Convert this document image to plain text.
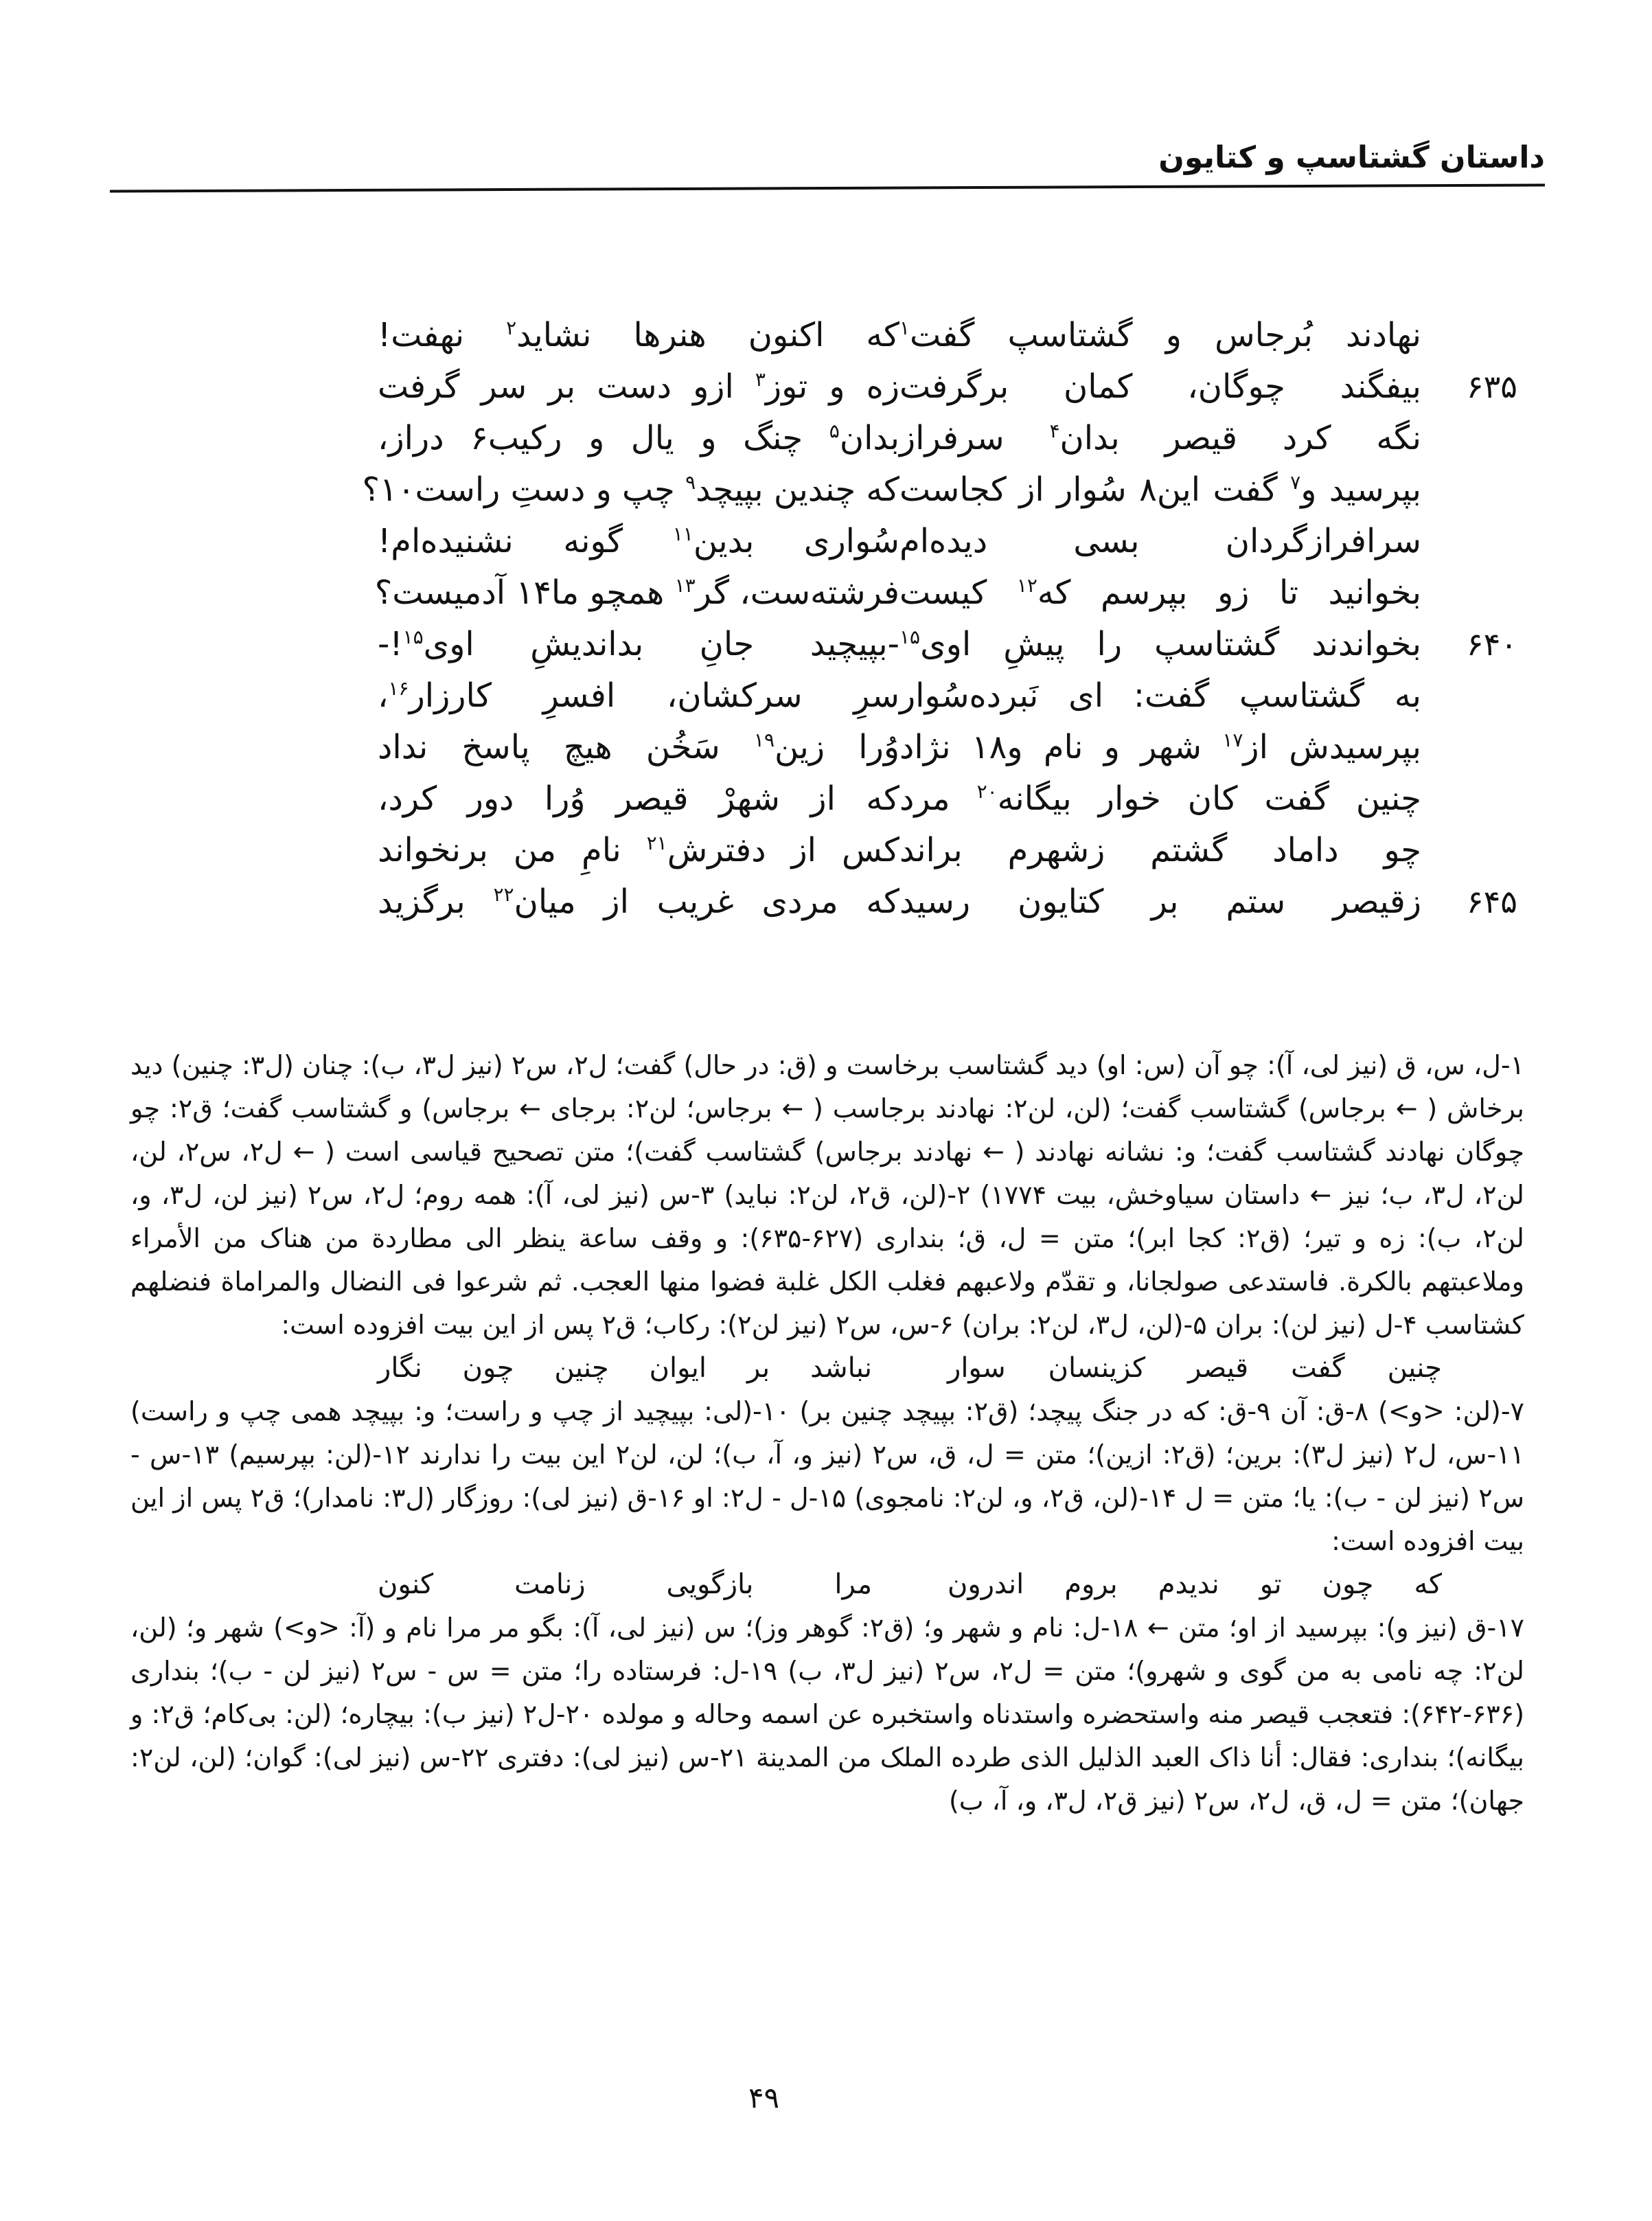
داستان گشتاسپ و کتایون
نهادند بُرجاس و گشتاسپ گفت$^۱$
که اکنون هنرها نشاید$^۲$ نهفت!
۶۳۵
بیفگند چوگان، کمان برگرفت
زه و توز$^۳$ ازو دست بر سر گرفت
نگه کرد قیصر بدان$^۴$ سرفراز
بدان$^۵$ چنگ و یال و رکیب۶ دراز،
بپرسید و$^۷$ گفت این۸ سُوار از کجاست
که چندین بپیچد$^۹$ چپ و دستِ راست۱۰؟
سرافرازگردان بسی دیده‌ام
سُواری بدین$^{۱۱}$ گونه نشنیده‌ام!
بخوانید تا زو بپرسم که$^{۱۲}$ کیست
فرشته‌ست، گر$^{۱۳}$ همچو ما۱۴ آدمیست؟
۶۴۰
بخواندند گشتاسپ را پیشِ اوی$^{۱۵}$
-بپیچید جانِ بداندیشِ اوی$^{۱۵}$!-
به گشتاسپ گفت: ای نَبرده‌سُوار
سرِ سرکشان، افسرِ کارزار$^{۱۶}$،
بپرسیدش از$^{۱۷}$ شهر و نام و۱۸ نژاد
وُرا زین$^{۱۹}$ سَخُن هیچ پاسخ نداد
چنین گفت کان خوار بیگانه$^{۲۰}$ مرد
که از شهرْ قیصر وُرا دور کرد،
چو داماد گشتم زشهرم براند
کس از دفترش$^{۲۱}$ نامِ من برنخواند
۶۴۵
زقیصر ستم بر کتایون رسید
که مردی غریب از میان$^{۲۲}$ برگزید
۱-ل، س، ق (نیز لی، آ): چو آن (س: او) دید گشتاسب برخاست و (ق: در حال) گفت؛ ل۲، س۲ (نیز ل۳، ب): چنان (ل۳: چنین) دید برخاش ( ← برجاس) گشتاسب گفت؛ (لن، لن۲: نهادند برجاسب ( ← برجاس؛ لن۲: برجای ← برجاس) و گشتاسب گفت؛ ق۲: چو چوگان نهادند گشتاسب گفت؛ و: نشانه نهادند ( ← نهادند برجاس) گشتاسب گفت)؛ متن تصحیح قیاسی است ( ← ل۲، س۲، لن، لن۲، ل۳، ب؛ نیز ← داستان سیاوخش، بیت ۱۷۷۴) ۲-(لن، ق۲، لن۲: نباید) ۳-س (نیز لی، آ): همه روم؛ ل۲، س۲ (نیز لن، ل۳، و، لن۲، ب): زه و تیر؛ (ق۲: کجا ابر)؛ متن = ل، ق؛ بنداری (۶۲۷-۶۳۵): و وقف ساعة ینظر الی مطاردة من هناک من الأمراء وملاعبتهم بالکرة. فاستدعی صولجانا، و تقدّم ولاعبهم فغلب الکل غلبة فضوا منها العجب. ثم شرعوا فی النضال والمراماة فنضلهم کشتاسب ۴-ل (نیز لن): بران ۵-(لن، ل۳، لن۲: بران) ۶-س، س۲ (نیز لن۲): رکاب؛ ق۲ پس از این بیت افزوده است:
چنین گفت قیصر کزینسان سوار
نباشد بر ایوان چنین چون نگار
۷-(لن: <و>) ۸-ق: آن ۹-ق: که در جنگ پیچد؛ (ق۲: بپیچد چنین بر) ۱۰-(لی: بپیچید از چپ و راست؛ و: بپیچد همی چپ و راست) ۱۱-س، ل۲ (نیز ل۳): برین؛ (ق۲: ازین)؛ متن = ل، ق، س۲ (نیز و، آ، ب)؛ لن، لن۲ این بیت را ندارند ۱۲-(لن: بپرسیم) ۱۳-س - س۲ (نیز لن - ب): یا؛ متن = ل ۱۴-(لن، ق۲، و، لن۲: نامجوی) ۱۵-ل - ل۲: او ۱۶-ق (نیز لی): روزگار (ل۳: نامدار)؛ ق۲ پس از این بیت افزوده است:
که چون تو ندیدم بروم اندرون
مرا بازگویی زنامت کنون
۱۷-ق (نیز و): بپرسید از او؛ متن ← ۱۸-ل: نام و شهر و؛ (ق۲: گوهر وز)؛ س (نیز لی، آ): بگو مر مرا نام و (آ: <و>) شهر و؛ (لن، لن۲: چه نامی به من گوی و شهرو)؛ متن = ل۲، س۲ (نیز ل۳، ب) ۱۹-ل: فرستاده را؛ متن = س - س۲ (نیز لن - ب)؛ بنداری (۶۳۶-۶۴۲): فتعجب قیصر منه واستحضره واستدناه واستخبره عن اسمه وحاله و مولده ۲۰-ل۲ (نیز ب): بیچاره؛ (لن: بی‌کام؛ ق۲: و بیگانه)؛ بنداری: فقال: أنا ذاک العبد الذلیل الذی طرده الملک من المدینة ۲۱-س (نیز لی): دفتری ۲۲-س (نیز لی): گوان؛ (لن، لن۲: جهان)؛ متن = ل، ق، ل۲، س۲ (نیز ق۲، ل۳، و، آ، ب)
۴۹
